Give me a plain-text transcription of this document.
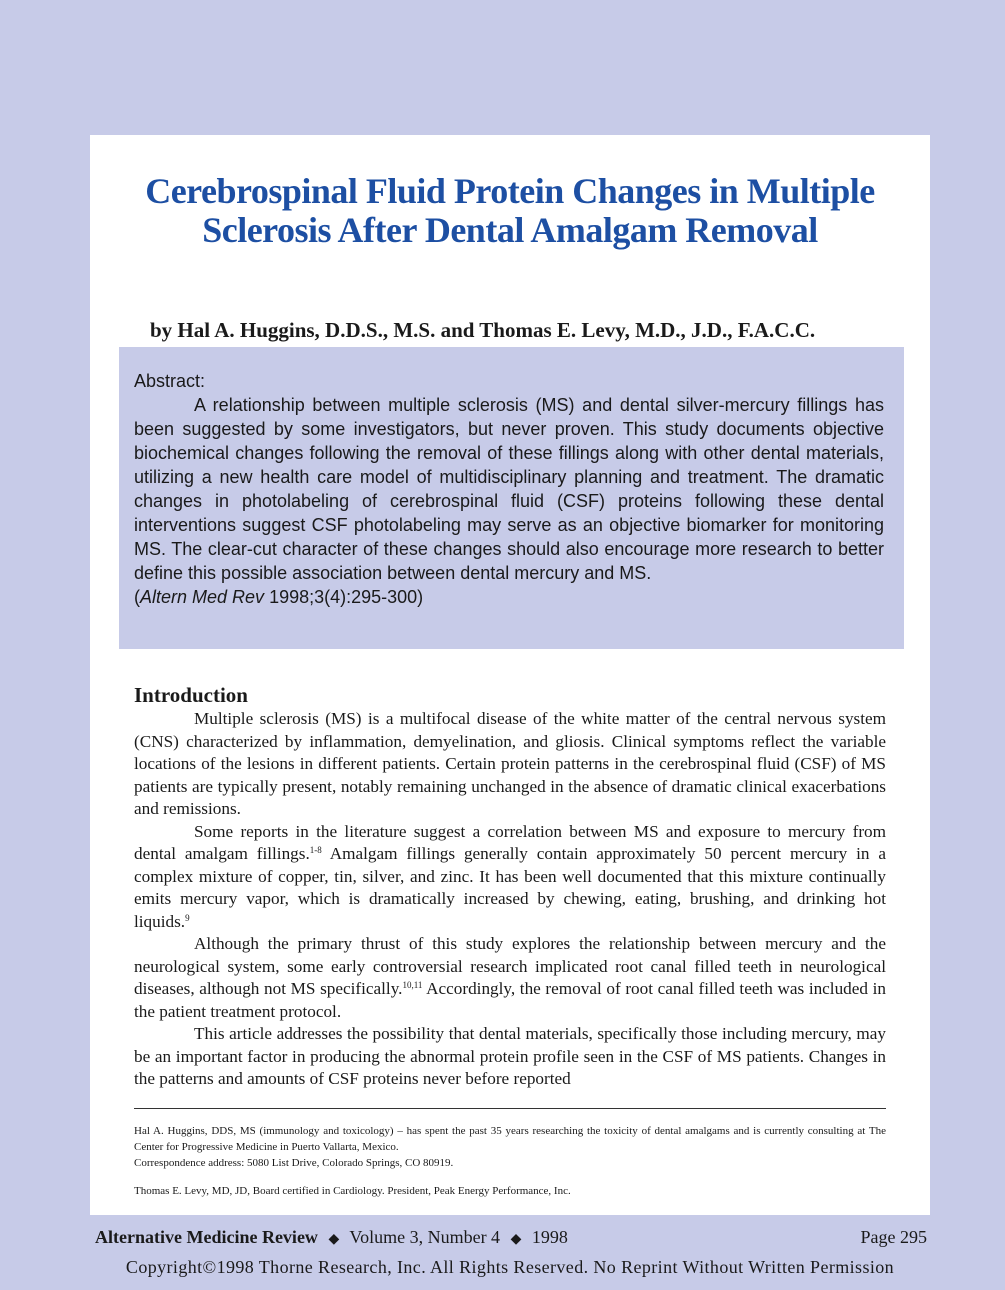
Cerebrospinal Fluid Protein Changes in Multiple Sclerosis After Dental Amalgam Removal
by Hal A. Huggins, D.D.S., M.S. and Thomas E. Levy, M.D., J.D., F.A.C.C.
Abstract:

A relationship between multiple sclerosis (MS) and dental silver-mercury fillings has been suggested by some investigators, but never proven. This study documents objective biochemical changes following the removal of these fillings along with other dental materials, utilizing a new health care model of multidisciplinary planning and treatment. The dramatic changes in photolabeling of cerebrospinal fluid (CSF) proteins following these dental interventions suggest CSF photolabeling may serve as an objective biomarker for monitoring MS. The clear-cut character of these changes should also encourage more research to better define this possible association between dental mercury and MS.

(Altern Med Rev 1998;3(4):295-300)
Introduction

Multiple sclerosis (MS) is a multifocal disease of the white matter of the central nervous system (CNS) characterized by inflammation, demyelination, and gliosis. Clinical symptoms reflect the variable locations of the lesions in different patients. Certain protein patterns in the cerebrospinal fluid (CSF) of MS patients are typically present, notably remaining unchanged in the absence of dramatic clinical exacerbations and remissions.

Some reports in the literature suggest a correlation between MS and exposure to mercury from dental amalgam fillings.$^{1-8}$ Amalgam fillings generally contain approximately 50 percent mercury in a complex mixture of copper, tin, silver, and zinc. It has been well documented that this mixture continually emits mercury vapor, which is dramatically increased by chewing, eating, brushing, and drinking hot liquids.$^9$

Although the primary thrust of this study explores the relationship between mercury and the neurological system, some early controversial research implicated root canal filled teeth in neurological diseases, although not MS specifically.$^{10,11}$ Accordingly, the removal of root canal filled teeth was included in the patient treatment protocol.

This article addresses the possibility that dental materials, specifically those including mercury, may be an important factor in producing the abnormal protein profile seen in the CSF of MS patients. Changes in the patterns and amounts of CSF proteins never before reported

Hal A. Huggins, DDS, MS (immunology and toxicology) – has spent the past 35 years researching the toxicity of dental amalgams and is currently consulting at The Center for Progressive Medicine in Puerto Vallarta, Mexico.
Correspondence address: 5080 List Drive, Colorado Springs, CO 80919.
Thomas E. Levy, MD, JD, Board certified in Cardiology. President, Peak Energy Performance, Inc.
Alternative Medicine Review ◆ Volume 3, Number 4 ◆ 1998	Page 295
Copyright©1998 Thorne Research, Inc. All Rights Reserved. No Reprint Without Written Permission
